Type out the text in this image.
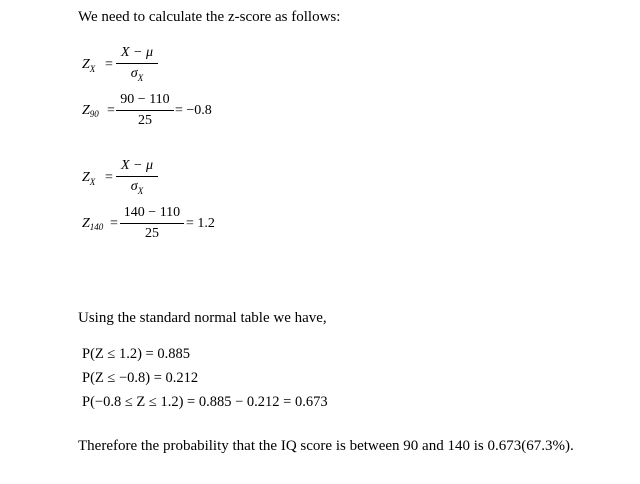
We need to calculate the z-score as follows:
$Z_X$ =
X − μ
$\sigma_X$
$Z_{90}$ =
90 − 110
25
= −0.8
$Z_X$ =
X − μ
$\sigma_X$
$Z_{140}$ =
140 − 110
25
= 1.2
Using the standard normal table we have,
P(Z ≤ 1.2) = 0.885
P(Z ≤ −0.8) = 0.212
P(−0.8 ≤ Z ≤ 1.2) = 0.885 − 0.212 = 0.673
Therefore the probability that the IQ score is between 90 and 140 is 0.673(67.3%).
